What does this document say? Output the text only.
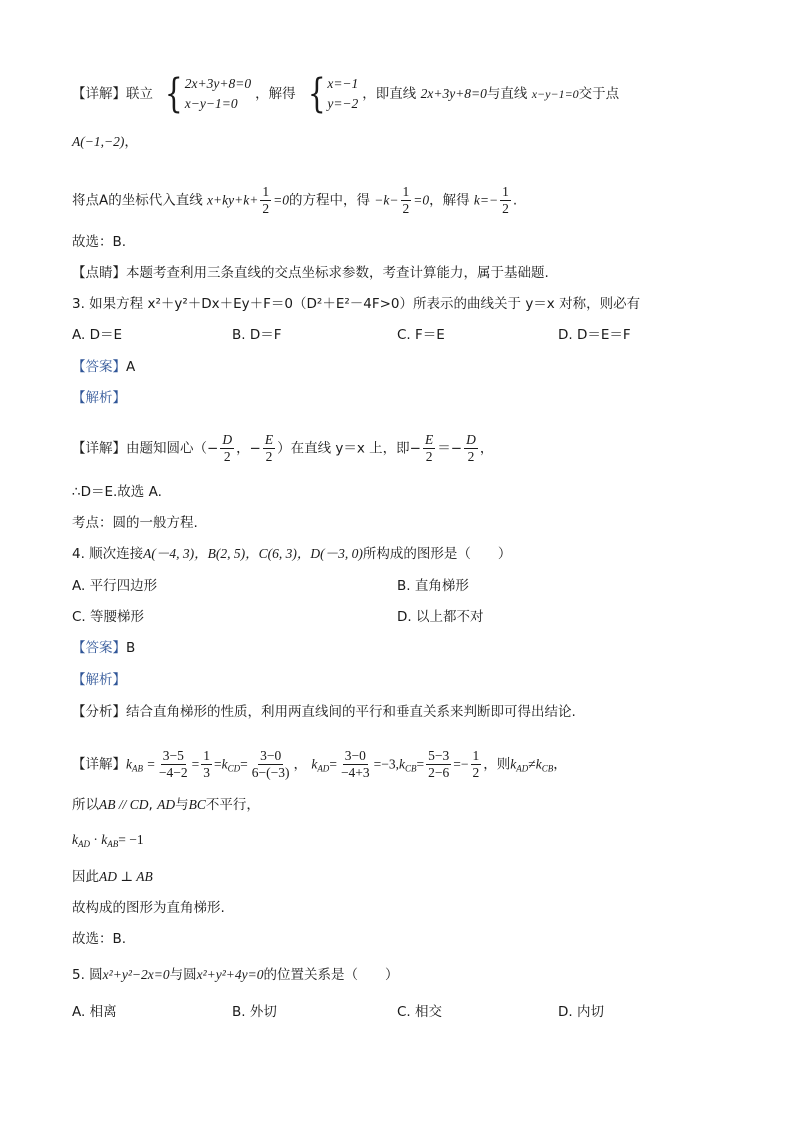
【详解】联立 { 2x+3y+8=0
x−y−1=0
，解得 { x=−1
y=−2
，即直线 2x+3y+8=0与直线 x−y−1=0交于点
A(−1,−2)，
将点A的坐标代入直线 $x+ky+k+ \frac{1}{2} =0$的方程中，得 $-k- \frac{1}{2} =0$，解得 $k=- \frac{1}{2}$ .
故选：B.
【点睛】本题考查利用三条直线的交点坐标求参数，考查计算能力，属于基础题.
3. 如果方程 x²＋y²＋Dx＋Ey＋F＝0（D²＋E²－4F>0）所表示的曲线关于 y＝x 对称，则必有
A. D＝E	B. D＝F	C. F＝E	D. D＝E＝F
【答案】A
【解析】
【详解】由题知圆心（− $\frac{D}{2}$ ，− $\frac{E}{2}$ ）在直线 y＝x 上，即− $\frac{E}{2} =- \frac{D}{2}$ ，
∴D＝E.故选 A.
考点：圆的一般方程.
4. 顺次连接A(－4, 3)，B(2, 5)，C(6, 3)，D(－3, 0)所构成的图形是（　　）
A. 平行四边形	B. 直角梯形
C. 等腰梯形	D. 以上都不对
【答案】B
【解析】
【分析】结合直角梯形的性质，利用两直线间的平行和垂直关系来判断即可得出结论.
【详解】$k_{AB} = \frac{3-5}{-4-2} = \frac{1}{3} =k_{CD}= \frac{3-0}{6-(-3)}$ ， $k_{AD}= \frac{3-0}{-4+3} =-3,k_{CB}= \frac{5-3}{2-6} =- \frac{1}{2}$ ，则$k_{AD}\ne k_{CB}$，
所以AB // CD, AD与BC不平行，
$k_{AD} \cdot k_{AB}= -1$
因此AD ⊥ AB
故构成的图形为直角梯形.
故选：B.
5. 圆x²+y²−2x=0与圆x²+y²+4y=0的位置关系是（　　）
A. 相离	B. 外切	C. 相交	D. 内切
